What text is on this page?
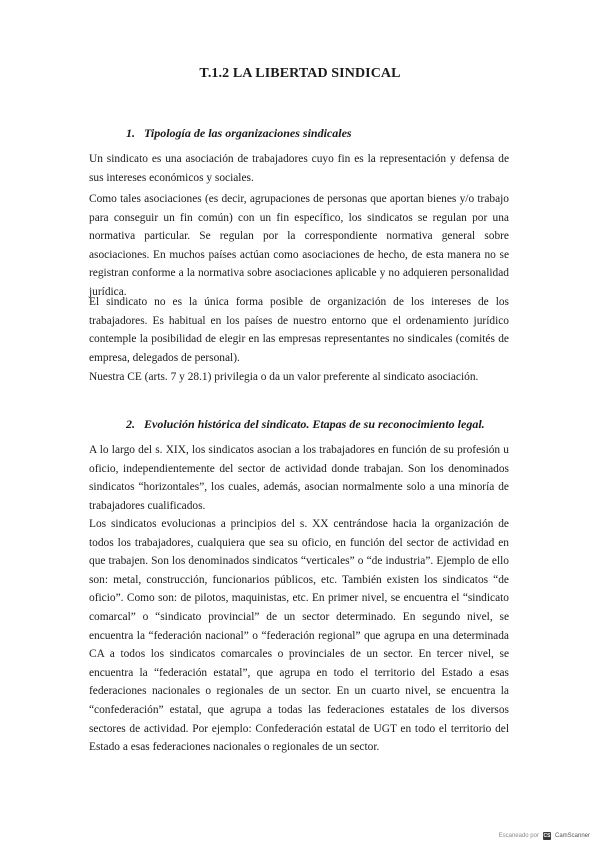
T.1.2 LA LIBERTAD SINDICAL
1. Tipología de las organizaciones sindicales

Un sindicato es una asociación de trabajadores cuyo fin es la representación y defensa de sus intereses económicos y sociales.

Como tales asociaciones (es decir, agrupaciones de personas que aportan bienes y/o trabajo para conseguir un fin común) con un fin específico, los sindicatos se regulan por una normativa particular. Se regulan por la correspondiente normativa general sobre asociaciones. En muchos países actúan como asociaciones de hecho, de esta manera no se registran conforme a la normativa sobre asociaciones aplicable y no adquieren personalidad jurídica.

El sindicato no es la única forma posible de organización de los intereses de los trabajadores. Es habitual en los países de nuestro entorno que el ordenamiento jurídico contemple la posibilidad de elegir en las empresas representantes no sindicales (comités de empresa, delegados de personal).

Nuestra CE (arts. 7 y 28.1) privilegia o da un valor preferente al sindicato asociación.

2. Evolución histórica del sindicato. Etapas de su reconocimiento legal.

A lo largo del s. XIX, los sindicatos asocian a los trabajadores en función de su profesión u oficio, independientemente del sector de actividad donde trabajan. Son los denominados sindicatos “horizontales”, los cuales, además, asocian normalmente solo a una minoría de trabajadores cualificados.

Los sindicatos evolucionas a principios del s. XX centrándose hacia la organización de todos los trabajadores, cualquiera que sea su oficio, en función del sector de actividad en que trabajen. Son los denominados sindicatos “verticales” o “de industria”. Ejemplo de ello son: metal, construcción, funcionarios públicos, etc. También existen los sindicatos “de oficio”. Como son: de pilotos, maquinistas, etc. En primer nivel, se encuentra el “sindicato comarcal” o “sindicato provincial” de un sector determinado. En segundo nivel, se encuentra la “federación nacional” o “federación regional” que agrupa en una determinada CA a todos los sindicatos comarcales o provinciales de un sector. En tercer nivel, se encuentra la “federación estatal”, que agrupa en todo el territorio del Estado a esas federaciones nacionales o regionales de un sector. En un cuarto nivel, se encuentra la “confederación” estatal, que agrupa a todas las federaciones estatales de los diversos sectores de actividad. Por ejemplo: Confederación estatal de UGT en todo el territorio del Estado a esas federaciones nacionales o regionales de un sector.

Escaneado por CS CamScanner
